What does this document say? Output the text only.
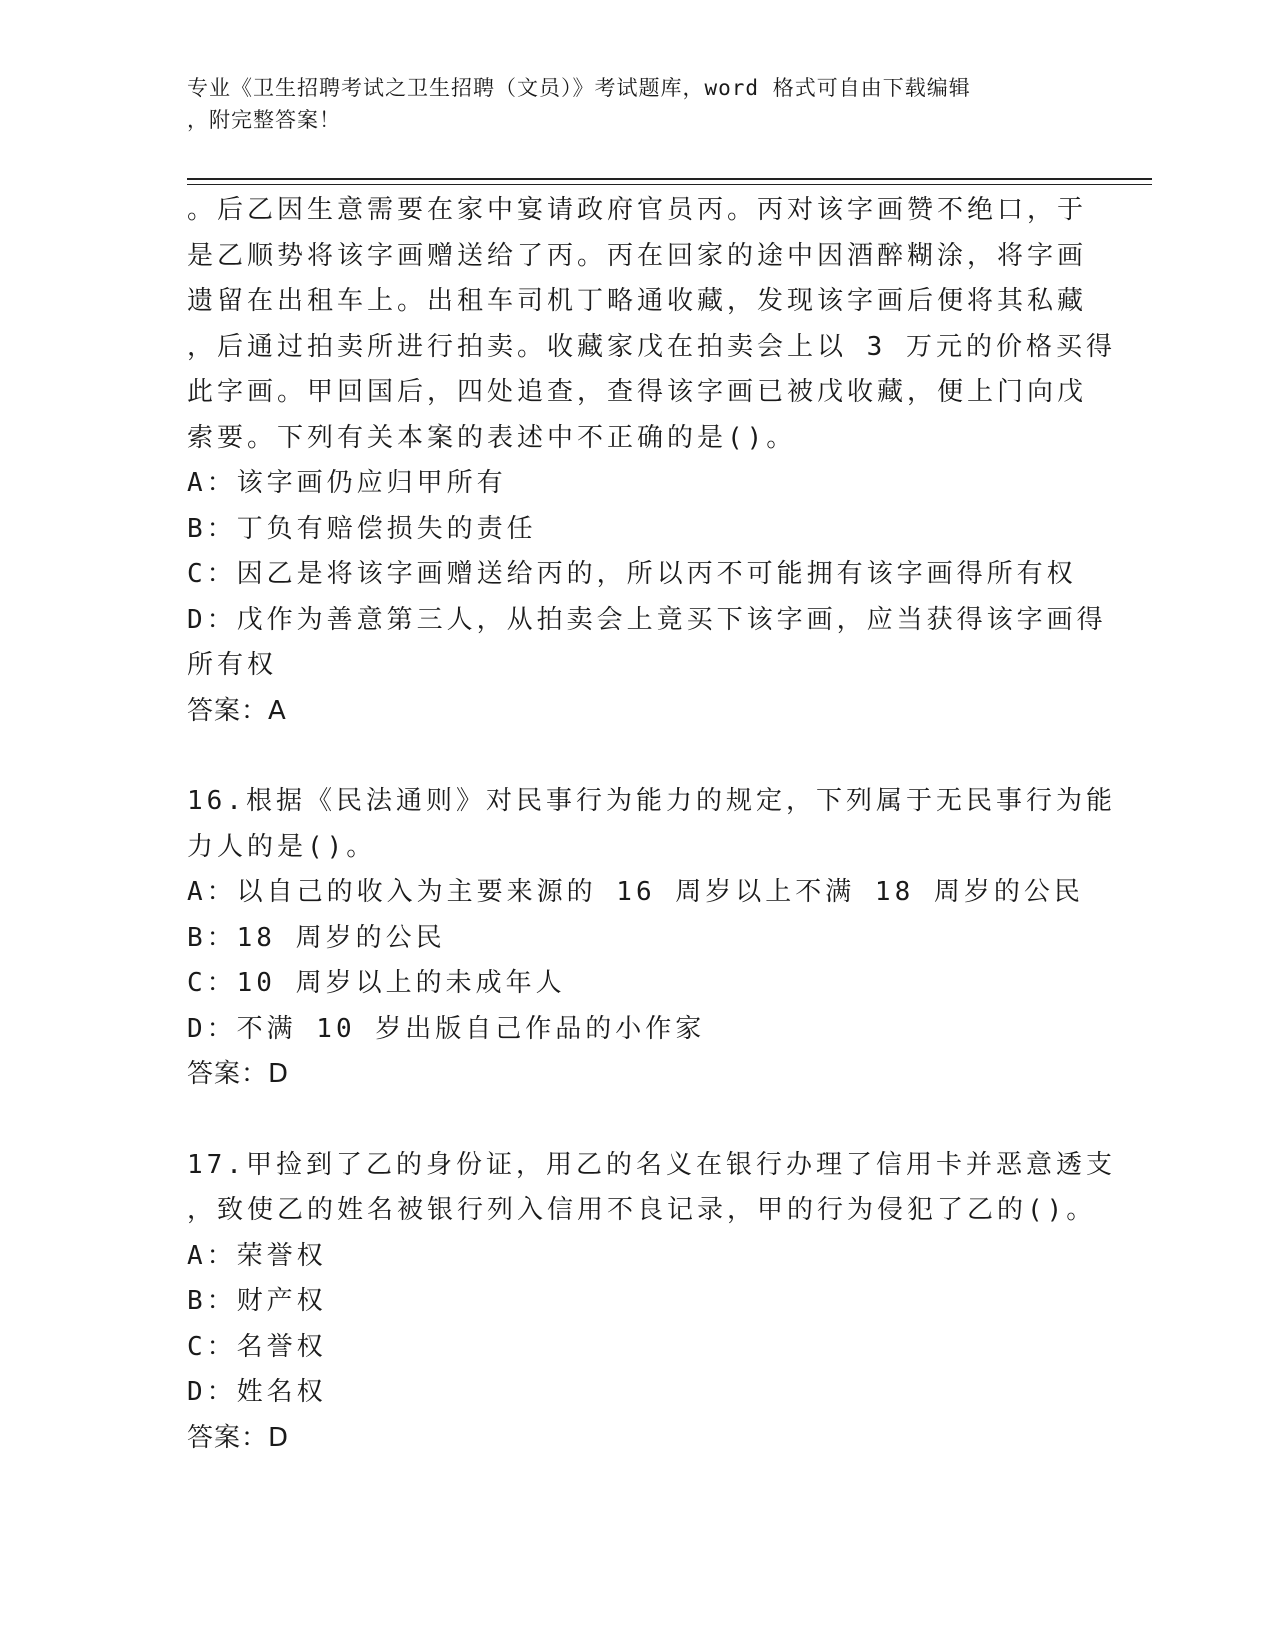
专业《卫生招聘考试之卫生招聘（文员）》考试题库，word 格式可自由下载编辑
，附完整答案！
。后乙因生意需要在家中宴请政府官员丙。丙对该字画赞不绝口，于
是乙顺势将该字画赠送给了丙。丙在回家的途中因酒醉糊涂，将字画
遗留在出租车上。出租车司机丁略通收藏，发现该字画后便将其私藏
，后通过拍卖所进行拍卖。收藏家戊在拍卖会上以 3 万元的价格买得
此字画。甲回国后，四处追查，查得该字画已被戊收藏，便上门向戊
索要。下列有关本案的表述中不正确的是()。
A：该字画仍应归甲所有
B：丁负有赔偿损失的责任
C：因乙是将该字画赠送给丙的，所以丙不可能拥有该字画得所有权
D：戊作为善意第三人，从拍卖会上竟买下该字画，应当获得该字画得
所有权
答案：A
16.根据《民法通则》对民事行为能力的规定，下列属于无民事行为能
力人的是()。
A：以自己的收入为主要来源的 16 周岁以上不满 18 周岁的公民
B：18 周岁的公民
C：10 周岁以上的未成年人
D：不满 10 岁出版自己作品的小作家
答案：D
17.甲捡到了乙的身份证，用乙的名义在银行办理了信用卡并恶意透支
，致使乙的姓名被银行列入信用不良记录，甲的行为侵犯了乙的()。
A：荣誉权
B：财产权
C：名誉权
D：姓名权
答案：D
